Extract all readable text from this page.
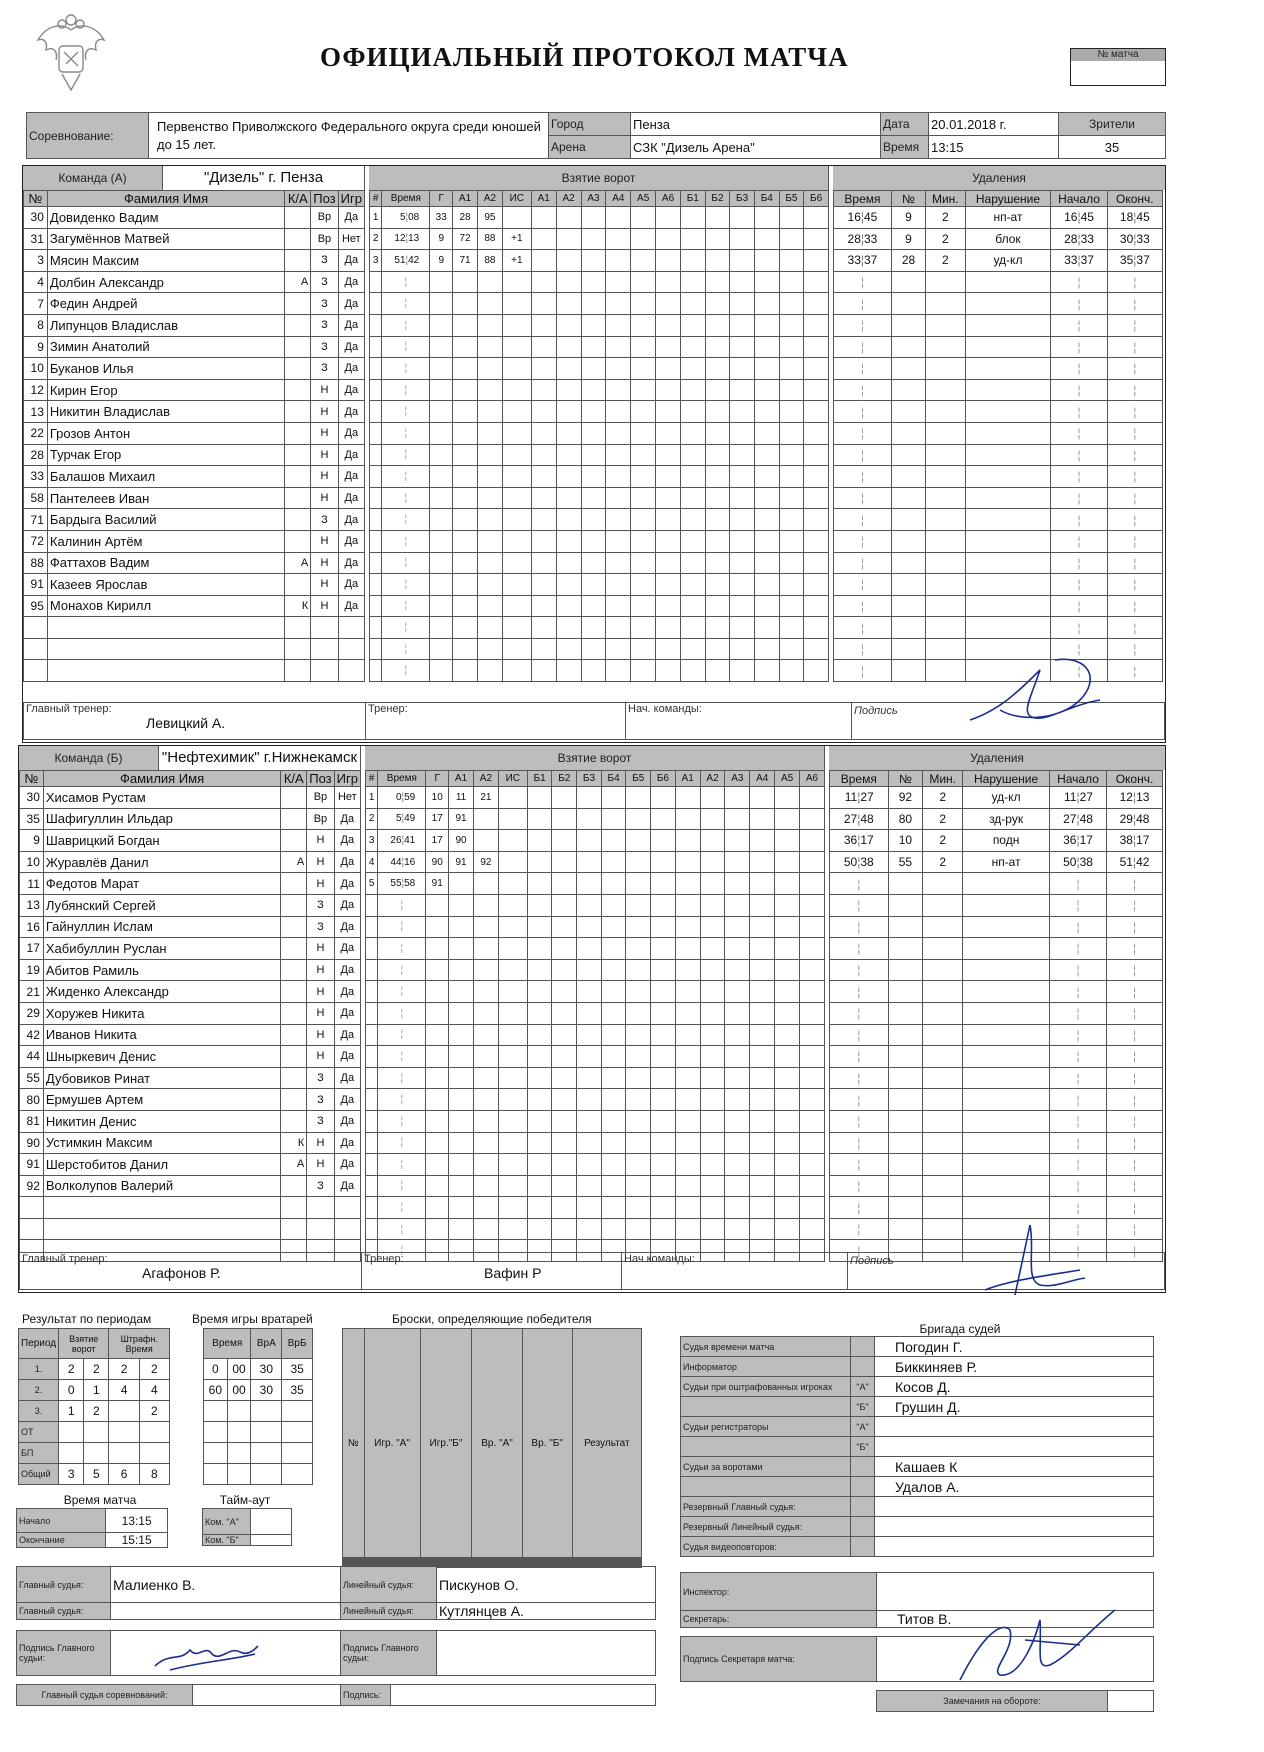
ОФИЦИАЛЬНЫЙ ПРОТОКОЛ МАТЧА	№ матча
Соревнование:	Первенство Приволжского Федерального округа среди юношей до 15 лет.	Город	Пенза	Дата	20.01.2018 г.	Зрители
		Арена	СЗК "Дизель Арена"	Время	13:15	35
Команда (А)	"Дизель" г. Пенза	Взятие ворот	Удаления
№	Фамилия Имя	К/А	Поз	Игр
30	Довиденко Вадим		Вр	Да
31	Загумённов Матвей		Вр	Нет
3	Мясин Максим		З	Да
4	Долбин Александр	А	З	Да
7	Федин Андрей		З	Да
8	Липунцов Владислав		З	Да
9	Зимин Анатолий		З	Да
10	Буканов Илья		З	Да
12	Кирин Егор		Н	Да
13	Никитин Владислав		Н	Да
22	Грозов Антон		Н	Да
28	Турчак Егор		Н	Да
33	Балашов Михаил		Н	Да
58	Пантелеев Иван		Н	Да
71	Бардыга Василий		З	Да
72	Калинин Артём		Н	Да
88	Фаттахов Вадим	А	Н	Да
91	Казеев Ярослав		Н	Да
95	Монахов Кирилл	К	Н	Да

#	Время	Г	А1	А2	ИС	А1	А2	А3	А4	А5	А6	Б1	Б2	Б3	Б4	Б5	Б6
1	5¦08	33	28	95													
2	12¦13	9	72	88	+1												
3	51¦42	9	71	88	+1												
	¦																
	¦																
	¦																
	¦																
	¦																
	¦																
	¦																
	¦																
	¦																
	¦																
	¦																
	¦																
	¦																
	¦																
	¦																
	¦																
	¦																
	¦																
	¦																
Время	№	Мин.	Нарушение	Начало	Оконч.
16¦45	9	2	нп-ат	16¦45	18¦45
28¦33	9	2	блок	28¦33	30¦33
33¦37	28	2	уд-кл	33¦37	35¦37
¦				¦	¦
¦				¦	¦
¦				¦	¦
¦				¦	¦
¦				¦	¦
¦				¦	¦
¦				¦	¦
¦				¦	¦
¦				¦	¦
¦				¦	¦
¦				¦	¦
¦				¦	¦
¦				¦	¦
¦				¦	¦
¦				¦	¦
¦				¦	¦
¦				¦	¦
¦				¦	¦
¦				¦	¦
Главный тренер:
Левицкий А.

Тренер:	Нач. команды:	Подпись
Команда (Б)	"Нефтехимик" г.Нижнекамск	Взятие ворот	Удаления
№	Фамилия Имя	К/А	Поз	Игр
30	Хисамов Рустам		Вр	Нет
35	Шафигуллин Ильдар		Вр	Да
9	Шаврицкий Богдан		Н	Да
10	Журавлёв Данил	А	Н	Да
11	Федотов Марат		Н	Да
13	Лубянский Сергей		З	Да
16	Гайнуллин Ислам		З	Да
17	Хабибуллин Руслан		Н	Да
19	Абитов Рамиль		Н	Да
21	Жиденко Александр		Н	Да
29	Хоружев Никита		Н	Да
42	Иванов Никита		Н	Да
44	Шныркевич Денис		Н	Да
55	Дубовиков Ринат		З	Да
80	Ермушев Артем		З	Да
81	Никитин Денис		З	Да
90	Устимкин Максим	К	Н	Да
91	Шерстобитов Данил	А	Н	Да
92	Волколупов Валерий		З	Да

#	Время	Г	А1	А2	ИС	Б1	Б2	Б3	Б4	Б5	Б6	А1	А2	А3	А4	А5	А6
1	0¦59	10	11	21													
2	5¦49	17	91														
3	26¦41	17	90														
4	44¦16	90	91	92													
5	55¦58	91															
	¦																
	¦																
	¦																
	¦																
	¦																
	¦																
	¦																
	¦																
	¦																
	¦																
	¦																
	¦																
	¦																
	¦																
	¦																
	¦																
	¦																
Время	№	Мин.	Нарушение	Начало	Оконч.
11¦27	92	2	уд-кл	11¦27	12¦13
27¦48	80	2	зд-рук	27¦48	29¦48
36¦17	10	2	подн	36¦17	38¦17
50¦38	55	2	нп-ат	50¦38	51¦42
¦				¦	¦
¦				¦	¦
¦				¦	¦
¦				¦	¦
¦				¦	¦
¦				¦	¦
¦				¦	¦
¦				¦	¦
¦				¦	¦
¦				¦	¦
¦				¦	¦
¦				¦	¦
¦				¦	¦
¦				¦	¦
¦				¦	¦
¦				¦	¦
¦				¦	¦
¦				¦	¦
Главный тренер:
Агафонов Р.

Тренер:
Вафин Р

Нач.команды:	Подпись
Результат по периодам
Период	Взятие ворот		Штрафн. Время	
1.	2	2	2	2
2.	0	1	4	4
3.	1	2		2
ОТ				
БП				
Общий	3	5	6	8
Время игры вратарей
Время		ВрА	ВрБ
0	00	30	35
60	00	30	35

Броски, определяющие победителя
№	Игр. "А"	Игр."Б"	Вр. "А"	Вр. "Б"	Результат

Время матча
Начало	13:15
Окончание	15:15
Тайм-аут
Ком. "А"	
Ком. "Б"	
Бригада судей
Судья времени матча		Погодин Г.
Информатор		Биккиняев Р.
Судьи при оштрафованных игроках	"А"	Косов Д.
	"Б"	Грушин Д.
Судьи регистраторы	"А"	
	"Б"	
Судьи за воротами		Кашаев К
		Удалов А.
Резервный Главный судья:		
Резервный Линейный судья:		
Судья видеоповторов:		
Инспектор:	
Секретарь:	Титов В.
Подпись Секретаря матча:	
Замечания на обороте:	
Главный судья:	Малиенко В.	Линейный судья:	Пискунов О.
Главный судья:		Линейный судья:	Кутлянцев А.
Подпись Главного судьи:		Подпись Главного судьи:	
Главный судья соревнований:		Подпись:	
